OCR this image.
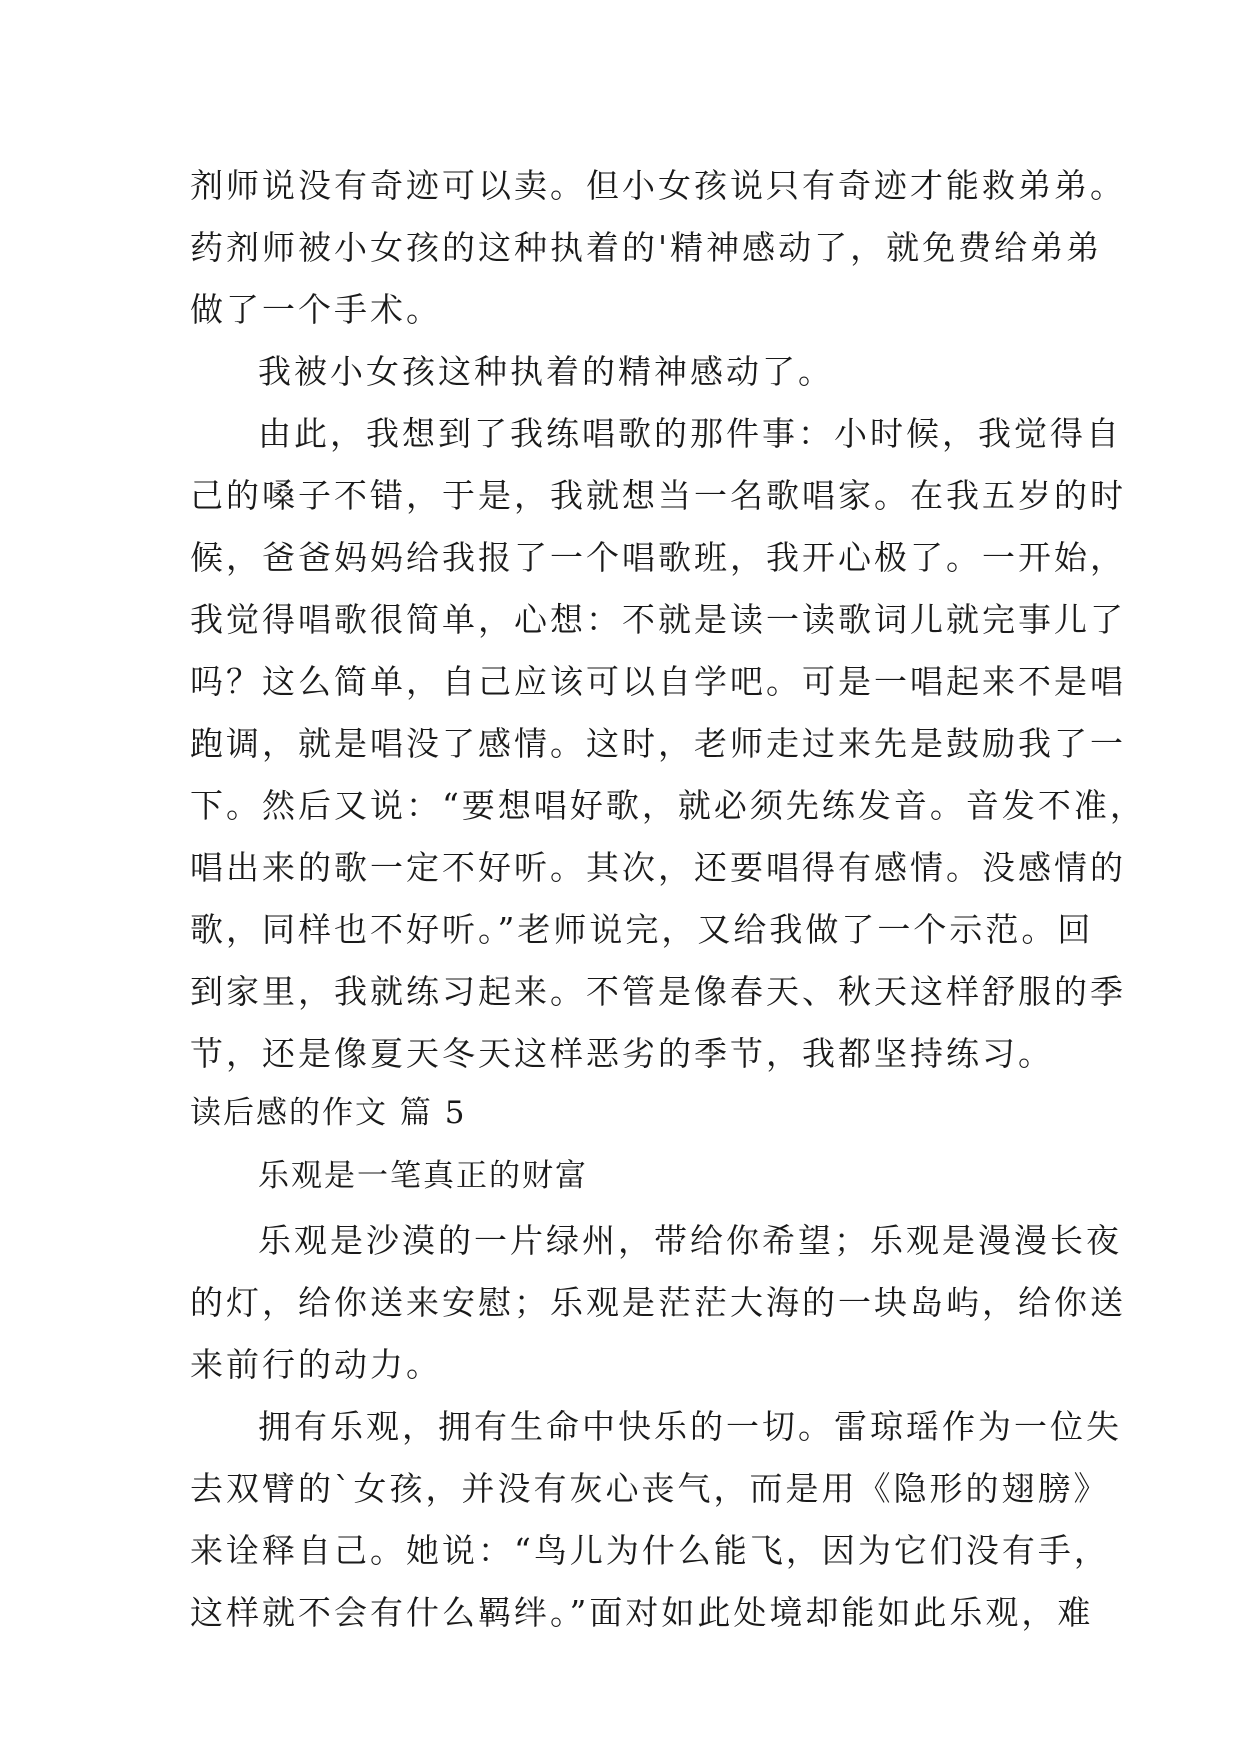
剂师说没有奇迹可以卖。但小女孩说只有奇迹才能救弟弟。

药剂师被小女孩的这种执着的'精神感动了，就免费给弟弟

做了一个手术。

我被小女孩这种执着的精神感动了。

由此，我想到了我练唱歌的那件事：小时候，我觉得自

己的嗓子不错，于是，我就想当一名歌唱家。在我五岁的时

候，爸爸妈妈给我报了一个唱歌班，我开心极了。一开始，

我觉得唱歌很简单，心想：不就是读一读歌词儿就完事儿了

吗？这么简单，自己应该可以自学吧。可是一唱起来不是唱

跑调，就是唱没了感情。这时，老师走过来先是鼓励我了一

下。然后又说：“要想唱好歌，就必须先练发音。音发不准，

唱出来的歌一定不好听。其次，还要唱得有感情。没感情的

歌，同样也不好听。”老师说完，又给我做了一个示范。回

到家里，我就练习起来。不管是像春天、秋天这样舒服的季

节，还是像夏天冬天这样恶劣的季节，我都坚持练习。

读后感的作文 篇 5

乐观是一笔真正的财富

乐观是沙漠的一片绿州，带给你希望；乐观是漫漫长夜

的灯，给你送来安慰；乐观是茫茫大海的一块岛屿，给你送

来前行的动力。

拥有乐观，拥有生命中快乐的一切。雷琼瑶作为一位失

去双臂的`女孩，并没有灰心丧气，而是用《隐形的翅膀》

来诠释自己。她说：“鸟儿为什么能飞，因为它们没有手，

这样就不会有什么羁绊。”面对如此处境却能如此乐观，难
